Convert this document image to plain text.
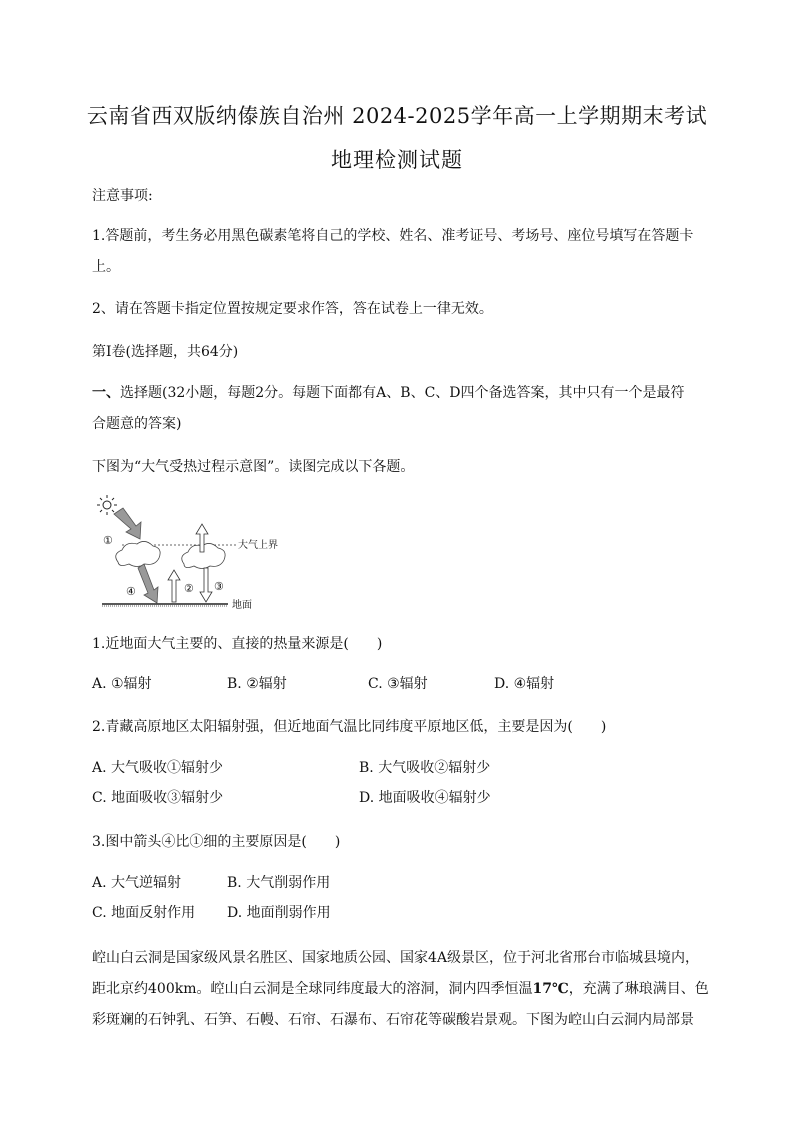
云南省西双版纳傣族自治州 2024-2025学年高一上学期期末考试
地理检测试题
注意事项:
1.答题前，考生务必用黑色碳素笔将自己的学校、姓名、准考证号、考场号、座位号填写在答题卡
上。
2、请在答题卡指定位置按规定要求作答，答在试卷上一律无效。
第Ⅰ卷(选择题，共64分)
一、选择题(32小题，每题2分。每题下面都有A、B、C、D四个备选答案，其中只有一个是最符
合题意的答案)
下图为“大气受热过程示意图”。读图完成以下各题。
大气上界
地面
①
④	② ③
1.近地面大气主要的、直接的热量来源是(　　)
A. ①辐射	B. ②辐射	C. ③辐射	D. ④辐射
2.青藏高原地区太阳辐射强，但近地面气温比同纬度平原地区低，主要是因为(　　)
A. 大气吸收①辐射少	B. 大气吸收②辐射少
C. 地面吸收③辐射少	D. 地面吸收④辐射少
3.图中箭头④比①细的主要原因是(　　)
A. 大气逆辐射	B. 大气削弱作用
C. 地面反射作用 D. 地面削弱作用
崆山白云洞是国家级风景名胜区、国家地质公园、国家4A级景区，位于河北省邢台市临城县境内，
距北京约400km。崆山白云洞是全球同纬度最大的溶洞，洞内四季恒温17℃，充满了琳琅满目、色
彩斑斓的石钟乳、石笋、石幔、石帘、石瀑布、石帘花等碳酸岩景观。下图为崆山白云洞内局部景
